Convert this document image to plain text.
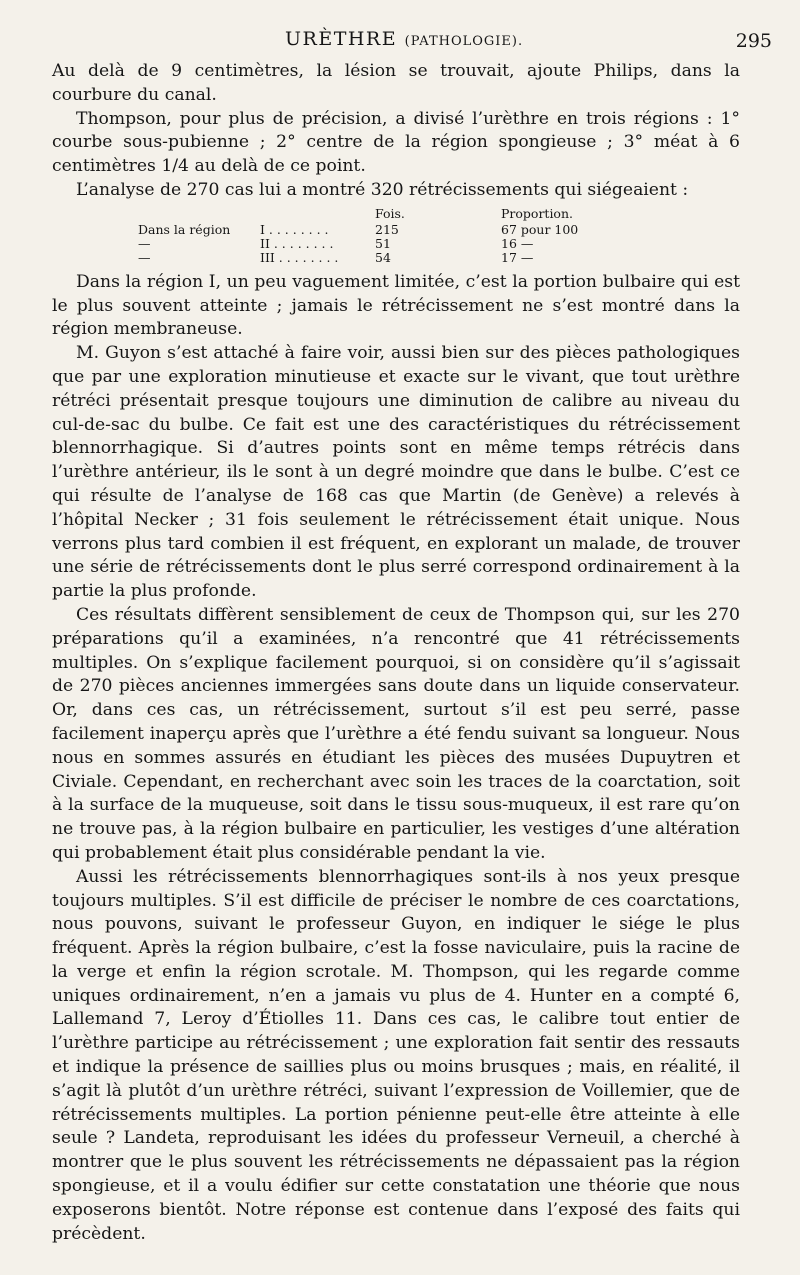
URÈTHRE (PATHOLOGIE).	295

Au delà de 9 centimètres, la lésion se trouvait, ajoute Philips, dans la courbure du canal.

Thompson, pour plus de précision, a divisé l’urèthre en trois régions : 1° courbe sous-pubienne ; 2° centre de la région spongieuse ; 3° méat à 6 centimètres 1/4 au delà de ce point.

L’analyse de 270 cas lui a montré 320 rétrécissements qui siégeaient :

		Fois.	Proportion.
Dans la région	I . . . . . . . .	215	67 pour 100
—	II . . . . . . . .	51	16 —
—	III . . . . . . . .	54	17 —

Dans la région I, un peu vaguement limitée, c’est la portion bulbaire qui est le plus souvent atteinte ; jamais le rétrécissement ne s’est montré dans la région membraneuse.

M. Guyon s’est attaché à faire voir, aussi bien sur des pièces pathologiques que par une exploration minutieuse et exacte sur le vivant, que tout urèthre rétréci présentait presque toujours une diminution de calibre au niveau du cul-de-sac du bulbe. Ce fait est une des caractéristiques du rétrécissement blennorrhagique. Si d’autres points sont en même temps rétrécis dans l’urèthre antérieur, ils le sont à un degré moindre que dans le bulbe. C’est ce qui résulte de l’analyse de 168 cas que Martin (de Genève) a relevés à l’hôpital Necker ; 31 fois seulement le rétrécissement était unique. Nous verrons plus tard combien il est fréquent, en explorant un malade, de trouver une série de rétrécissements dont le plus serré correspond ordinairement à la partie la plus profonde.

Ces résultats diffèrent sensiblement de ceux de Thompson qui, sur les 270 préparations qu’il a examinées, n’a rencontré que 41 rétrécissements multiples. On s’explique facilement pourquoi, si on considère qu’il s’agissait de 270 pièces anciennes immergées sans doute dans un liquide conservateur. Or, dans ces cas, un rétrécissement, surtout s’il est peu serré, passe facilement inaperçu après que l’urèthre a été fendu suivant sa longueur. Nous nous en sommes assurés en étudiant les pièces des musées Dupuytren et Civiale. Cependant, en recherchant avec soin les traces de la coarctation, soit à la surface de la muqueuse, soit dans le tissu sous-muqueux, il est rare qu’on ne trouve pas, à la région bulbaire en particulier, les vestiges d’une altération qui probablement était plus considérable pendant la vie.

Aussi les rétrécissements blennorrhagiques sont-ils à nos yeux presque toujours multiples. S’il est difficile de préciser le nombre de ces coarctations, nous pouvons, suivant le professeur Guyon, en indiquer le siége le plus fréquent. Après la région bulbaire, c’est la fosse naviculaire, puis la racine de la verge et enfin la région scrotale. M. Thompson, qui les regarde comme uniques ordinairement, n’en a jamais vu plus de 4. Hunter en a compté 6, Lallemand 7, Leroy d’Étiolles 11. Dans ces cas, le calibre tout entier de l’urèthre participe au rétrécissement ; une exploration fait sentir des ressauts et indique la présence de saillies plus ou moins brusques ; mais, en réalité, il s’agit là plutôt d’un urèthre rétréci, suivant l’expression de Voillemier, que de rétrécissements multiples. La portion pénienne peut-elle être atteinte à elle seule ? Landeta, reproduisant les idées du professeur Verneuil, a cherché à montrer que le plus souvent les rétrécissements ne dépassaient pas la région spongieuse, et il a voulu édifier sur cette constatation une théorie que nous exposerons bientôt. Notre réponse est contenue dans l’exposé des faits qui précèdent.
